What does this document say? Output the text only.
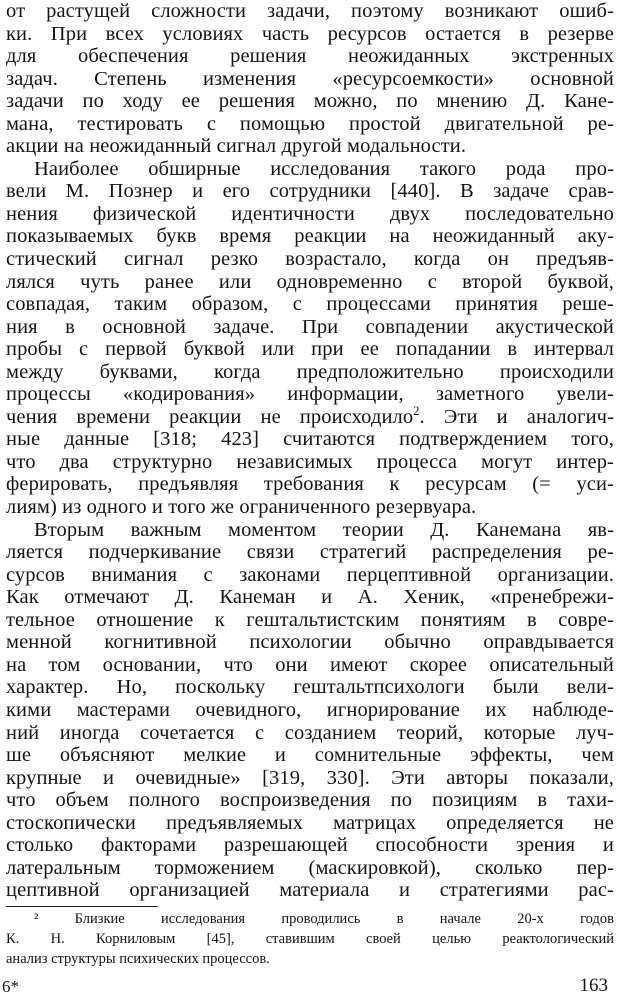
от растущей сложности задачи, поэтому возникают ошиб-
ки. При всех условиях часть ресурсов остается в резерве
для обеспечения решения неожиданных экстренных
задач. Степень изменения «ресурсоемкости» основной
задачи по ходу ее решения можно, по мнению Д. Канe-
мана, тестировать с помощью простой двигательной ре-
акции на неожиданный сигнал другой модальности.
Наиболее обширные исследования такого рода про-
вели М. Познер и его сотрудники [440]. В задаче срав-
нения физической идентичности двух последовательно
показываемых букв время реакции на неожиданный аку-
стический сигнал резко возрастало, когда он предъяв-
лялся чуть ранее или одновременно с второй буквой,
совпадая, таким образом, с процессами принятия реше-
ния в основной задаче. При совпадении акустической
пробы с первой буквой или при ее попадании в интервал
между буквами, когда предположительно происходили
процессы «кодирования» информации, заметного увели-
чения времени реакции не происходило$^2$. Эти и аналогич-
ные данные [318; 423] считаются подтверждением того,
что два структурно независимых процесса могут интер-
ферировать, предъявляя требования к ресурсам (= уси-
лиям) из одного и того же ограниченного резервуара.
Вторым важным моментом теории Д. Канемана яв-
ляется подчеркивание связи стратегий распределения ре-
сурсов внимания с законами перцептивной организации.
Как отмечают Д. Канеман и А. Хеник, «пренебрежи-
тельное отношение к гештальтистским понятиям в совре-
менной когнитивной психологии обычно оправдывается
на том основании, что они имеют скорее описательный
характер. Но, поскольку гештальтпсихологи были вели-
кими мастерами очевидного, игнорирование их наблюде-
ний иногда сочетается с созданием теорий, которые луч-
ше объясняют мелкие и сомнительные эффекты, чем
крупные и очевидные» [319, 330]. Эти авторы показали,
что объем полного воспроизведения по позициям в тахи-
стоскопически предъявляемых матрицах определяется не
столько факторами разрешающей способности зрения и
латеральным торможением (маскировкой), сколько пер-
цептивной организацией материала и стратегиями рас-
² Близкие исследования проводились в начале 20-х годов
К. Н. Корниловым [45], ставившим своей целью реактологический
анализ структуры психических процессов.
6*	163
